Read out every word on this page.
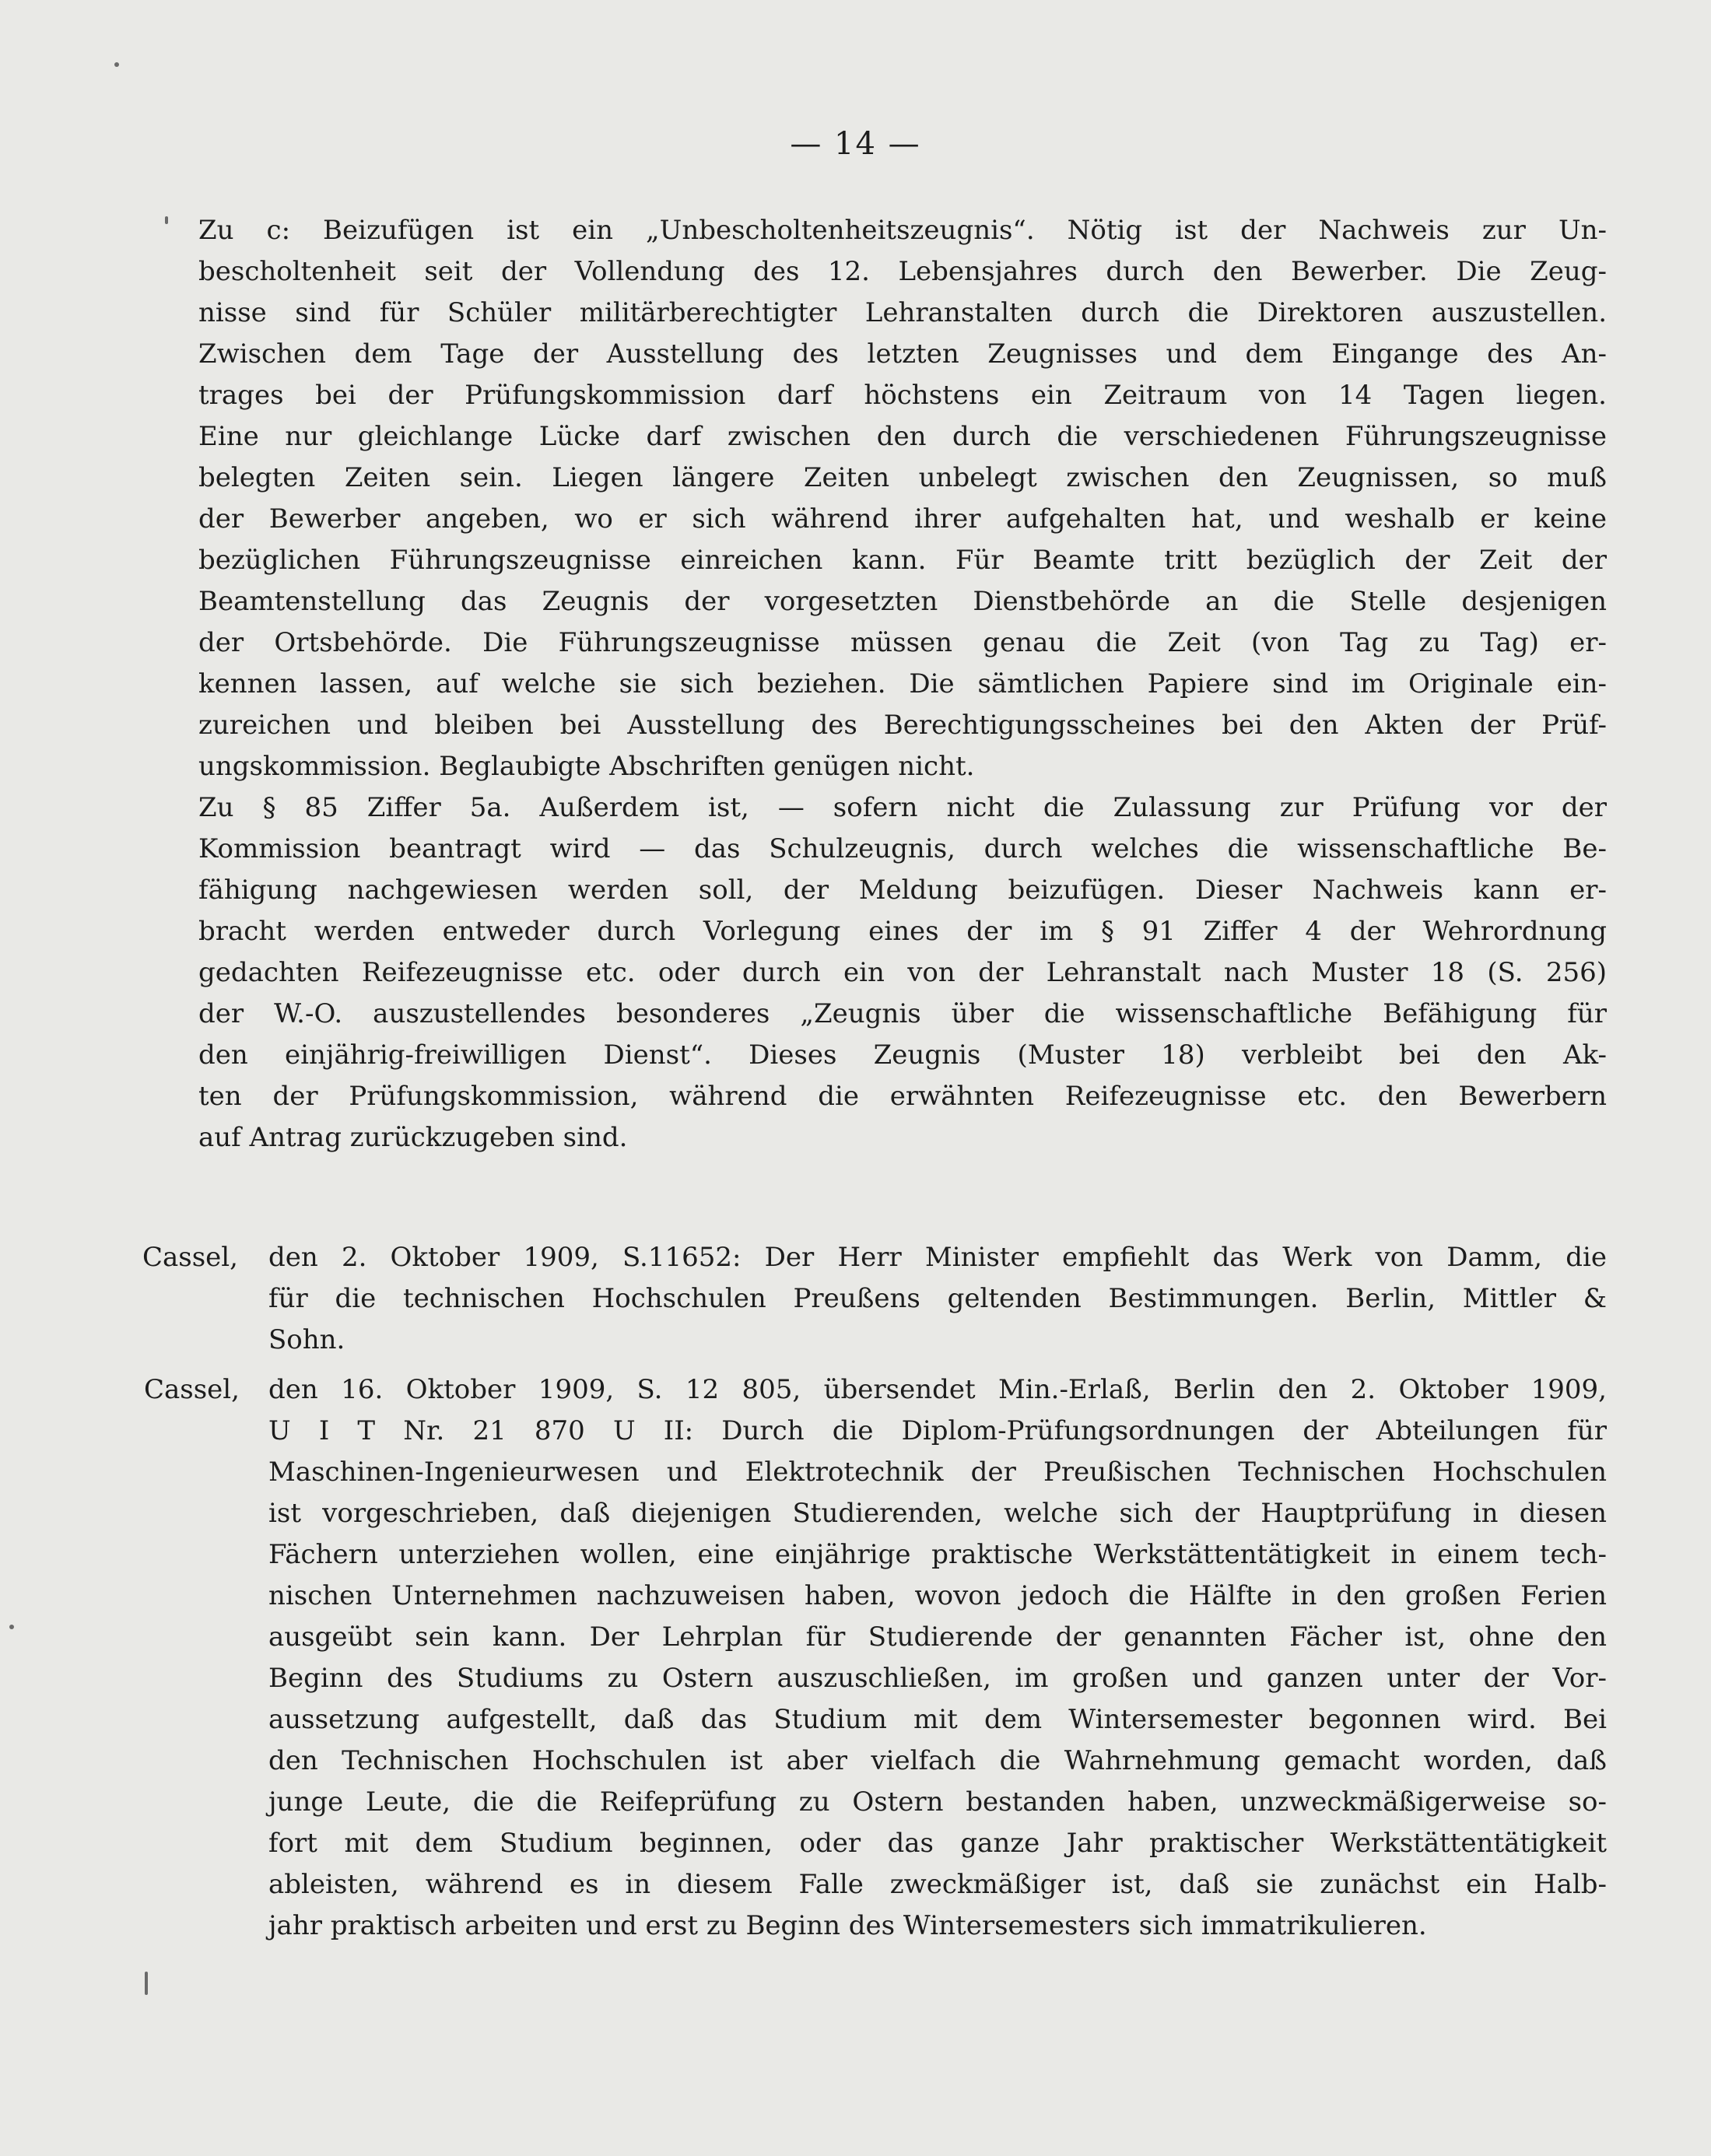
— 14 —
Zu c: Beizufügen ist ein „Unbescholtenheitszeugnis“. Nötig ist der Nachweis zur Un-
bescholtenheit seit der Vollendung des 12. Lebensjahres durch den Bewerber. Die Zeug-
nisse sind für Schüler militärberechtigter Lehranstalten durch die Direktoren auszustellen.
Zwischen dem Tage der Ausstellung des letzten Zeugnisses und dem Eingange des An-
trages bei der Prüfungskommission darf höchstens ein Zeitraum von 14 Tagen liegen.
Eine nur gleichlange Lücke darf zwischen den durch die verschiedenen Führungszeugnisse
belegten Zeiten sein. Liegen längere Zeiten unbelegt zwischen den Zeugnissen, so muß
der Bewerber angeben, wo er sich während ihrer aufgehalten hat, und weshalb er keine
bezüglichen Führungszeugnisse einreichen kann. Für Beamte tritt bezüglich der Zeit der
Beamtenstellung das Zeugnis der vorgesetzten Dienstbehörde an die Stelle desjenigen
der Ortsbehörde. Die Führungszeugnisse müssen genau die Zeit (von Tag zu Tag) er-
kennen lassen, auf welche sie sich beziehen. Die sämtlichen Papiere sind im Originale ein-
zureichen und bleiben bei Ausstellung des Berechtigungsscheines bei den Akten der Prüf-
ungskommission. Beglaubigte Abschriften genügen nicht.
Zu § 85 Ziffer 5a. Außerdem ist, — sofern nicht die Zulassung zur Prüfung vor der
Kommission beantragt wird — das Schulzeugnis, durch welches die wissenschaftliche Be-
fähigung nachgewiesen werden soll, der Meldung beizufügen. Dieser Nachweis kann er-
bracht werden entweder durch Vorlegung eines der im § 91 Ziffer 4 der Wehrordnung
gedachten Reifezeugnisse etc. oder durch ein von der Lehranstalt nach Muster 18 (S. 256)
der W.-O. auszustellendes besonderes „Zeugnis über die wissenschaftliche Befähigung für
den einjährig-freiwilligen Dienst“. Dieses Zeugnis (Muster 18) verbleibt bei den Ak-
ten der Prüfungskommission, während die erwähnten Reifezeugnisse etc. den Bewerbern
auf Antrag zurückzugeben sind.
Cassel, den 2. Oktober 1909, S.11652: Der Herr Minister empfiehlt das Werk von Damm, die
für die technischen Hochschulen Preußens geltenden Bestimmungen. Berlin, Mittler &
Sohn.
Cassel, den 16. Oktober 1909, S. 12 805, übersendet Min.-Erlaß, Berlin den 2. Oktober 1909,
U I T Nr. 21 870 U II: Durch die Diplom-Prüfungsordnungen der Abteilungen für
Maschinen-Ingenieurwesen und Elektrotechnik der Preußischen Technischen Hochschulen
ist vorgeschrieben, daß diejenigen Studierenden, welche sich der Hauptprüfung in diesen
Fächern unterziehen wollen, eine einjährige praktische Werkstättentätigkeit in einem tech-
nischen Unternehmen nachzuweisen haben, wovon jedoch die Hälfte in den großen Ferien
ausgeübt sein kann. Der Lehrplan für Studierende der genannten Fächer ist, ohne den
Beginn des Studiums zu Ostern auszuschließen, im großen und ganzen unter der Vor-
aussetzung aufgestellt, daß das Studium mit dem Wintersemester begonnen wird. Bei
den Technischen Hochschulen ist aber vielfach die Wahrnehmung gemacht worden, daß
junge Leute, die die Reifeprüfung zu Ostern bestanden haben, unzweckmäßigerweise so-
fort mit dem Studium beginnen, oder das ganze Jahr praktischer Werkstättentätigkeit
ableisten, während es in diesem Falle zweckmäßiger ist, daß sie zunächst ein Halb-
jahr praktisch arbeiten und erst zu Beginn des Wintersemesters sich immatrikulieren.
